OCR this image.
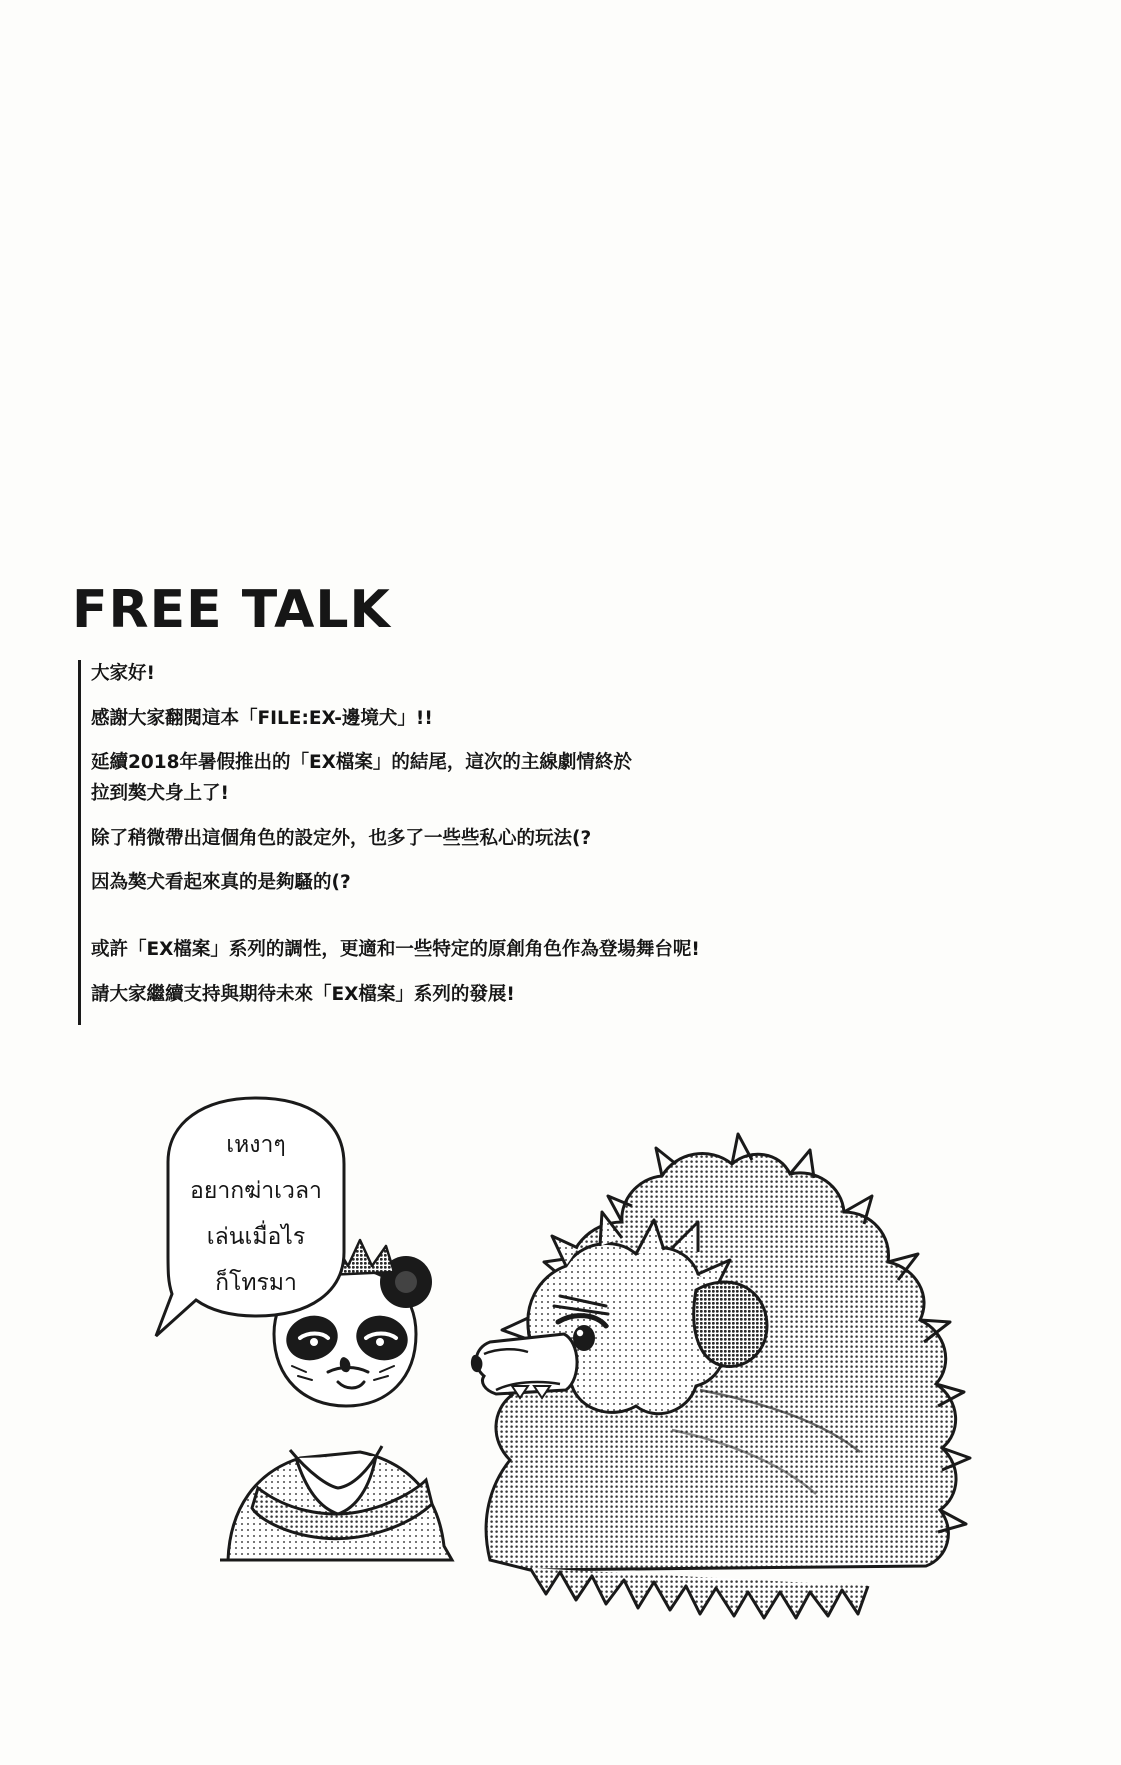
FREE TALK
大家好!
感謝大家翻閱這本「FILE:EX-邊境犬」!!
延續2018年暑假推出的「EX檔案」的結尾，這次的主線劇情終於
拉到獒犬身上了!
除了稍微帶出這個角色的設定外，也多了一些些私心的玩法(?
因為獒犬看起來真的是夠騷的(?
或許「EX檔案」系列的調性，更適和一些特定的原創角色作為登場舞台呢!
請大家繼續支持與期待未來「EX檔案」系列的發展!
เหงาๆ
อยากฆ่าเวลา
เล่นเมื่อไร
ก็โทรมา
